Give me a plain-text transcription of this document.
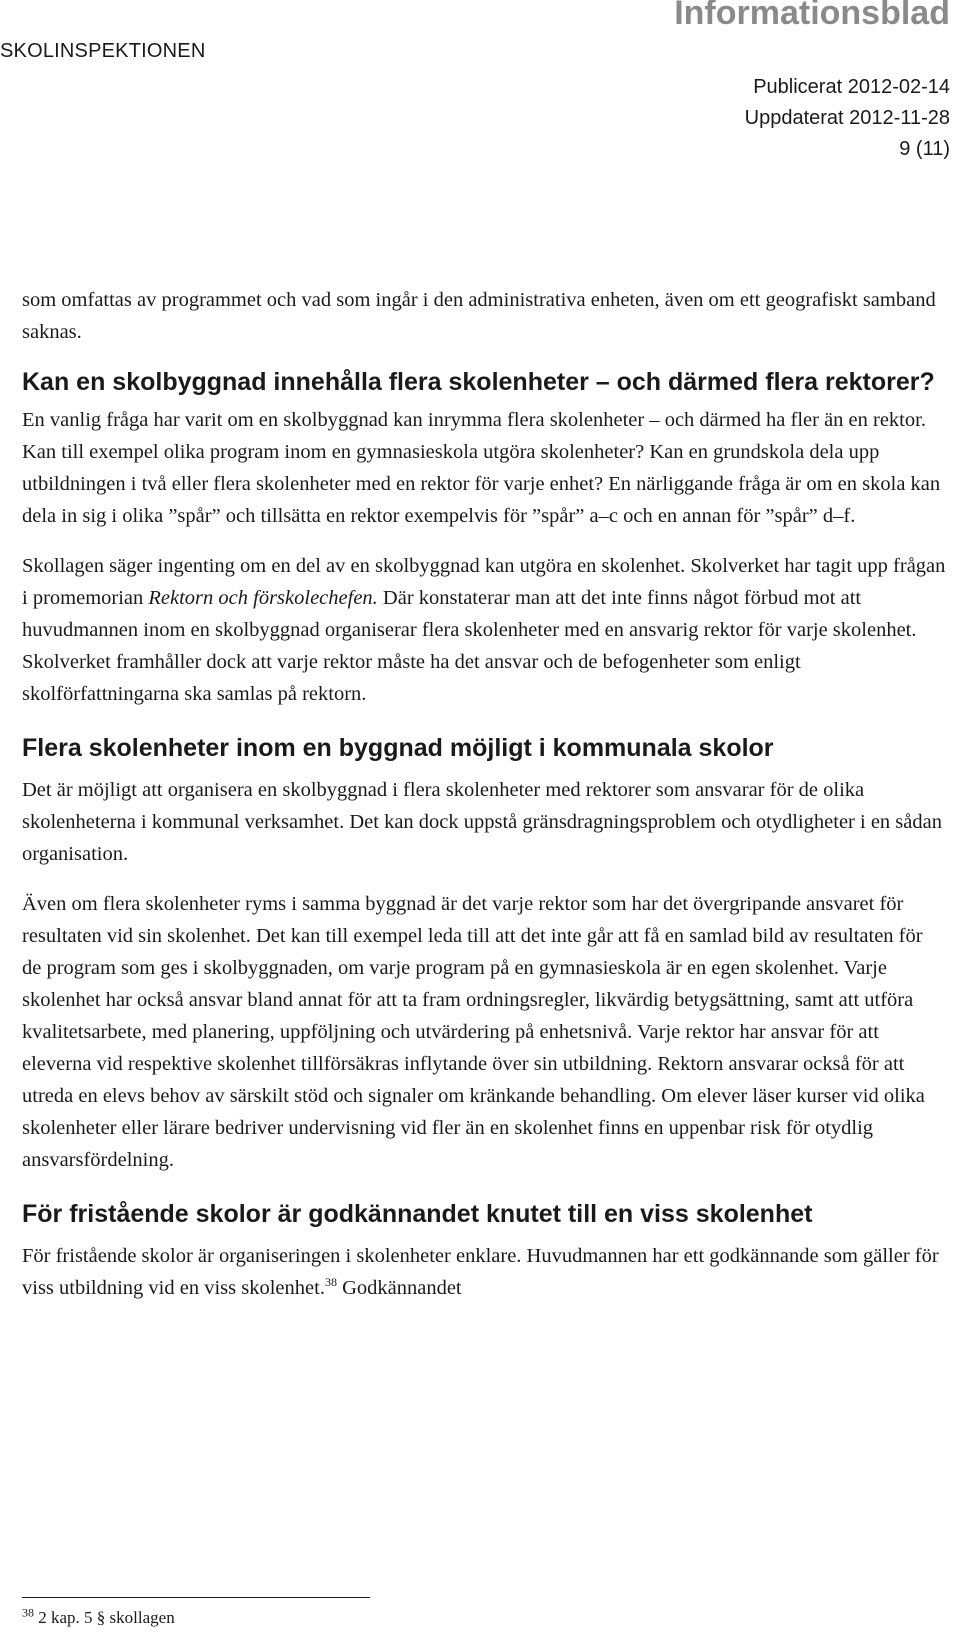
SKOLINSPEKTIONEN
Informationsblad
Publicerat 2012-02-14
Uppdaterat 2012-11-28
9 (11)

som omfattas av programmet och vad som ingår i den administrativa enheten, även om ett geografiskt samband saknas.

Kan en skolbyggnad innehålla flera skolenheter – och därmed flera rektorer?

En vanlig fråga har varit om en skolbyggnad kan inrymma flera skolenheter – och därmed ha fler än en rektor. Kan till exempel olika program inom en gymnasieskola utgöra skolenheter? Kan en grundskola dela upp utbildningen i två eller flera skolenheter med en rektor för varje enhet? En närliggande fråga är om en skola kan dela in sig i olika ”spår” och tillsätta en rektor exempelvis för ”spår” a–c och en annan för ”spår” d–f.

Skollagen säger ingenting om en del av en skolbyggnad kan utgöra en skolenhet. Skolverket har tagit upp frågan i promemorian Rektorn och förskolechefen. Där konstaterar man att det inte finns något förbud mot att huvudmannen inom en skolbyggnad organiserar flera skolenheter med en ansvarig rektor för varje skolenhet. Skolverket framhåller dock att varje rektor måste ha det ansvar och de befogenheter som enligt skolförfattningarna ska samlas på rektorn.

Flera skolenheter inom en byggnad möjligt i kommunala skolor

Det är möjligt att organisera en skolbyggnad i flera skolenheter med rektorer som ansvarar för de olika skolenheterna i kommunal verksamhet. Det kan dock uppstå gränsdragningsproblem och otydligheter i en sådan organisation.

Även om flera skolenheter ryms i samma byggnad är det varje rektor som har det övergripande ansvaret för resultaten vid sin skolenhet. Det kan till exempel leda till att det inte går att få en samlad bild av resultaten för de program som ges i skolbyggnaden, om varje program på en gymnasieskola är en egen skolenhet. Varje skolenhet har också ansvar bland annat för att ta fram ordningsregler, likvärdig betygsättning, samt att utföra kvalitetsarbete, med planering, uppföljning och utvärdering på enhetsnivå. Varje rektor har ansvar för att eleverna vid respektive skolenhet tillförsäkras inflytande över sin utbildning. Rektorn ansvarar också för att utreda en elevs behov av särskilt stöd och signaler om kränkande behandling. Om elever läser kurser vid olika skolenheter eller lärare bedriver undervisning vid fler än en skolenhet finns en uppenbar risk för otydlig ansvarsfördelning.

För fristående skolor är godkännandet knutet till en viss skolenhet

För fristående skolor är organiseringen i skolenheter enklare. Huvudmannen har ett godkännande som gäller för viss utbildning vid en viss skolenhet.$^{38}$ Godkännandet

$^{38}$ 2 kap. 5 § skollagen
